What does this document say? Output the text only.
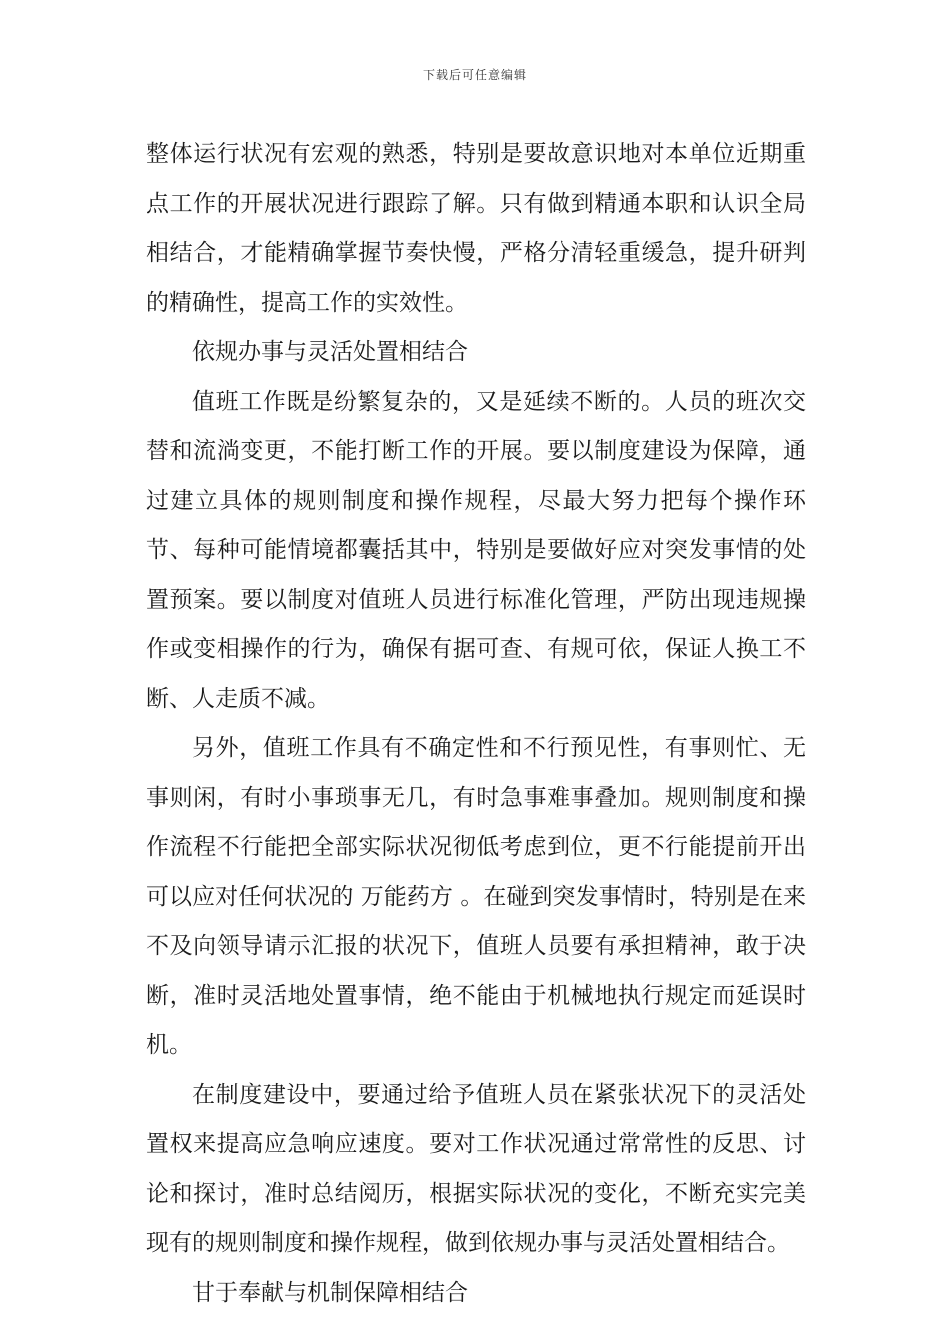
下载后可任意编辑

整体运行状况有宏观的熟悉，特别是要故意识地对本单位近期重点工作的开展状况进行跟踪了解。只有做到精通本职和认识全局相结合，才能精确掌握节奏快慢，严格分清轻重缓急，提升研判的精确性，提高工作的实效性。

依规办事与灵活处置相结合

值班工作既是纷繁复杂的，又是延续不断的。人员的班次交替和流淌变更，不能打断工作的开展。要以制度建设为保障，通过建立具体的规则制度和操作规程，尽最大努力把每个操作环节、每种可能情境都囊括其中，特别是要做好应对突发事情的处置预案。要以制度对值班人员进行标准化管理，严防出现违规操作或变相操作的行为，确保有据可查、有规可依，保证人换工不断、人走质不减。

另外，值班工作具有不确定性和不行预见性，有事则忙、无事则闲，有时小事琐事无几，有时急事难事叠加。规则制度和操作流程不行能把全部实际状况彻低考虑到位，更不行能提前开出可以应对任何状况的 万能药方 。在碰到突发事情时，特别是在来不及向领导请示汇报的状况下，值班人员要有承担精神，敢于决断，准时灵活地处置事情，绝不能由于机械地执行规定而延误时机。

在制度建设中，要通过给予值班人员在紧张状况下的灵活处置权来提高应急响应速度。要对工作状况通过常常性的反思、讨论和探讨，准时总结阅历，根据实际状况的变化，不断充实完美现有的规则制度和操作规程，做到依规办事与灵活处置相结合。

甘于奉献与机制保障相结合
